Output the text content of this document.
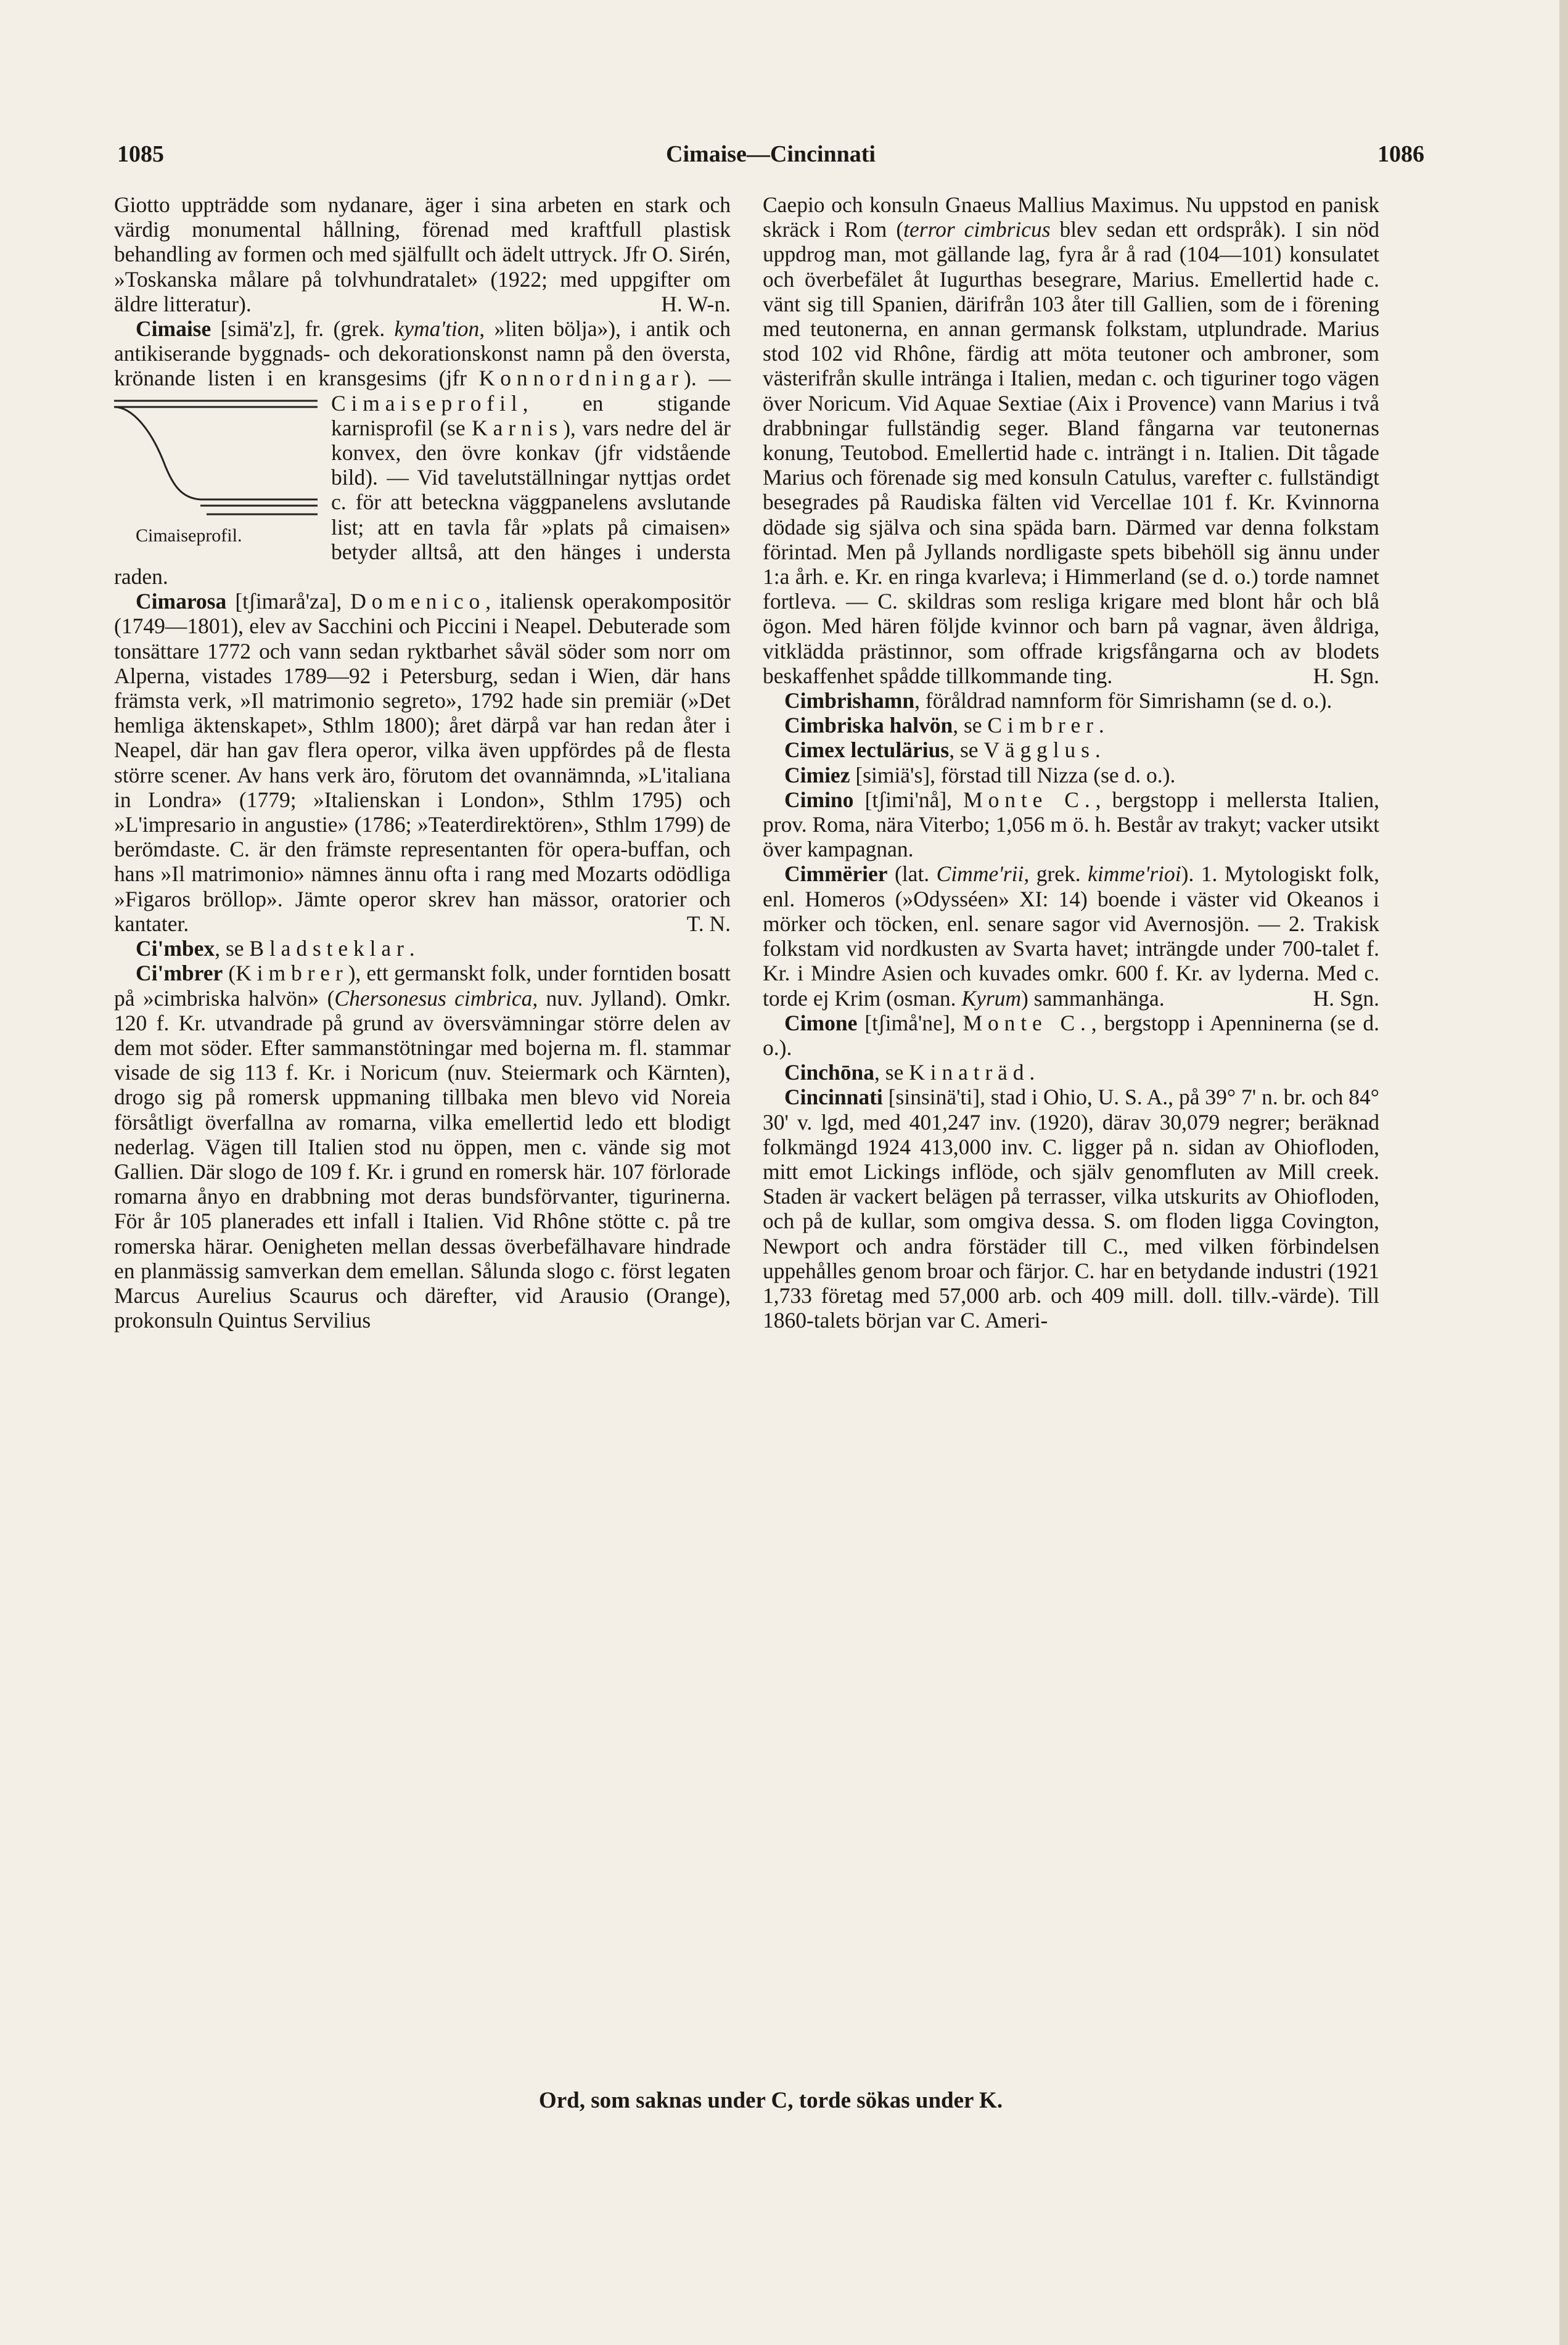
1085	Cimaise—Cincinnati	1086

Giotto uppträdde som nydanare, äger i sina arbeten en stark och värdig monumental hållning, förenad med kraftfull plastisk behandling av formen och med själfullt och ädelt uttryck. Jfr O. Sirén, »Toskanska målare på tolvhundratalet» (1922; med uppgifter om äldre litteratur).	H. W-n.

Cimaise [simä'z], fr. (grek. kyma'tion, »liten bölja»), i antik och antikiserande byggnads- och dekorationskonst namn på den översta, krönande listen i en kransgesims (jfr Konnordningar). —
Cimaiseprofil.
Cimaiseprofil, en stigande karnisprofil (se Karnis), vars nedre del är konvex, den övre konkav (jfr vidstående bild). — Vid tavelutställningar nyttjas ordet c. för att beteckna väggpanelens avslutande list; att en tavla får »plats på cimaisen» betyder alltså, att den hänges i understa raden.

Cimarosa [tʃimarå'za], Domenico, italiensk operakompositör (1749—1801), elev av Sacchini och Piccini i Neapel. Debuterade som tonsättare 1772 och vann sedan ryktbarhet såväl söder som norr om Alperna, vistades 1789—92 i Petersburg, sedan i Wien, där hans främsta verk, »Il matrimonio segreto», 1792 hade sin premiär (»Det hemliga äktenskapet», Sthlm 1800); året därpå var han redan åter i Neapel, där han gav flera operor, vilka även uppfördes på de flesta större scener. Av hans verk äro, förutom det ovannämnda, »L'italiana in Londra» (1779; »Italienskan i London», Sthlm 1795) och »L'impresario in angustie» (1786; »Teaterdirektören», Sthlm 1799) de berömdaste. C. är den främste representanten för opera-buffan, och hans »Il matrimonio» nämnes ännu ofta i rang med Mozarts odödliga »Figaros bröllop». Jämte operor skrev han mässor, oratorier och kantater.	T. N.

Ci'mbex, se Bladsteklar.

Ci'mbrer (Kimbrer), ett germanskt folk, under forntiden bosatt på »cimbriska halvön» (Chersonesus cimbrica, nuv. Jylland). Omkr. 120 f. Kr. utvandrade på grund av översvämningar större delen av dem mot söder. Efter sammanstötningar med bojerna m. fl. stammar visade de sig 113 f. Kr. i Noricum (nuv. Steiermark och Kärnten), drogo sig på romersk uppmaning tillbaka men blevo vid Noreia försåtligt överfallna av romarna, vilka emellertid ledo ett blodigt nederlag. Vägen till Italien stod nu öppen, men c. vände sig mot Gallien. Där slogo de 109 f. Kr. i grund en romersk här. 107 förlorade romarna ånyo en drabbning mot deras bundsförvanter, tigurinerna. För år 105 planerades ett infall i Italien. Vid Rhône stötte c. på tre romerska härar. Oenigheten mellan dessas överbefälhavare hindrade en planmässig samverkan dem emellan. Sålunda slogo c. först legaten Marcus Aurelius Scaurus och därefter, vid Arausio (Orange), prokonsuln Quintus Servilius

Caepio och konsuln Gnaeus Mallius Maximus. Nu uppstod en panisk skräck i Rom (terror cimbricus blev sedan ett ordspråk). I sin nöd uppdrog man, mot gällande lag, fyra år å rad (104—101) konsulatet och överbefälet åt Iugurthas besegrare, Marius. Emellertid hade c. vänt sig till Spanien, därifrån 103 åter till Gallien, som de i förening med teutonerna, en annan germansk folkstam, utplundrade. Marius stod 102 vid Rhône, färdig att möta teutoner och ambroner, som västerifrån skulle intränga i Italien, medan c. och tiguriner togo vägen över Noricum. Vid Aquae Sextiae (Aix i Provence) vann Marius i två drabbningar fullständig seger. Bland fångarna var teutonernas konung, Teutobod. Emellertid hade c. inträngt i n. Italien. Dit tågade Marius och förenade sig med konsuln Catulus, varefter c. fullständigt besegrades på Raudiska fälten vid Vercellae 101 f. Kr. Kvinnorna dödade sig själva och sina späda barn. Därmed var denna folkstam förintad. Men på Jyllands nordligaste spets bibehöll sig ännu under 1:a årh. e. Kr. en ringa kvarleva; i Himmerland (se d. o.) torde namnet fortleva. — C. skildras som resliga krigare med blont hår och blå ögon. Med hären följde kvinnor och barn på vagnar, även åldriga, vitklädda prästinnor, som offrade krigsfångarna och av blodets beskaffenhet spådde tillkommande ting.	H. Sgn.

Cimbrishamn, föråldrad namnform för Simrishamn (se d. o.).

Cimbriska halvön, se Cimbrer.

Cimex lectulärius, se Vägglus.

Cimiez [simiä's], förstad till Nizza (se d. o.).

Cimino [tʃimi'nå], Monte C., bergstopp i mellersta Italien, prov. Roma, nära Viterbo; 1,056 m ö. h. Består av trakyt; vacker utsikt över kampagnan.

Cimmërier (lat. Cimme'rii, grek. kimme'rioi). 1. Mytologiskt folk, enl. Homeros (»Odysséen» XI: 14) boende i väster vid Okeanos i mörker och töcken, enl. senare sagor vid Avernosjön. — 2. Trakisk folkstam vid nordkusten av Svarta havet; inträngde under 700-talet f. Kr. i Mindre Asien och kuvades omkr. 600 f. Kr. av lyderna. Med c. torde ej Krim (osman. Kyrum) sammanhänga.	H. Sgn.

Cimone [tʃimå'ne], Monte C., bergstopp i Apenninerna (se d. o.).

Cinchōna, se Kinaträd.

Cincinnati [sinsinä'ti], stad i Ohio, U. S. A., på 39° 7' n. br. och 84° 30' v. lgd, med 401,247 inv. (1920), därav 30,079 negrer; beräknad folkmängd 1924 413,000 inv. C. ligger på n. sidan av Ohiofloden, mitt emot Lickings inflöde, och själv genomfluten av Mill creek. Staden är vackert belägen på terrasser, vilka utskurits av Ohiofloden, och på de kullar, som omgiva dessa. S. om floden ligga Covington, Newport och andra förstäder till C., med vilken förbindelsen uppehålles genom broar och färjor. C. har en betydande industri (1921 1,733 företag med 57,000 arb. och 409 mill. doll. tillv.-värde). Till 1860-talets början var C. Ameri-

Ord, som saknas under C, torde sökas under K.
